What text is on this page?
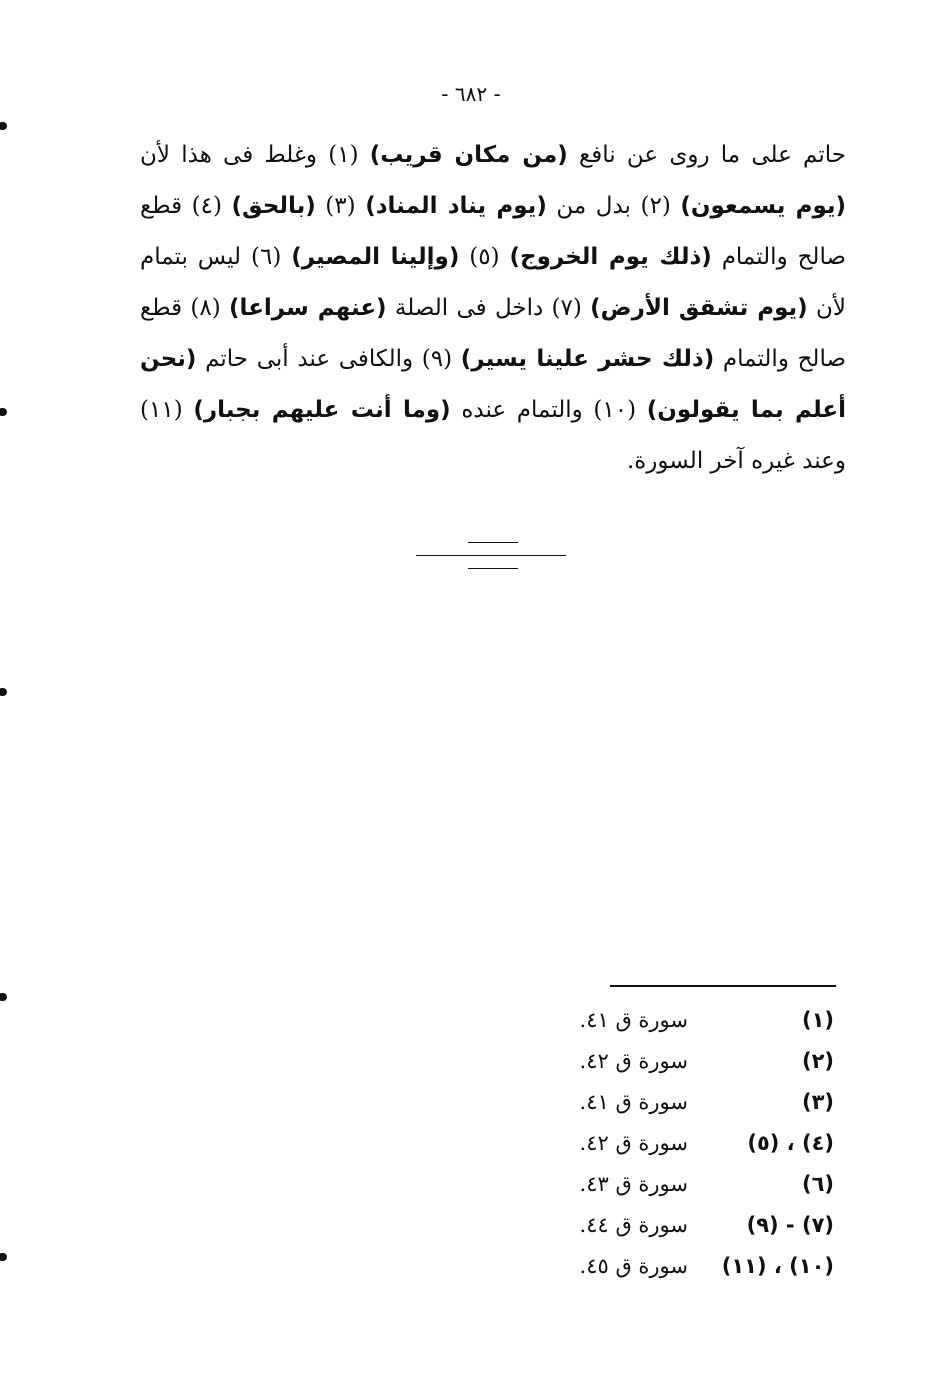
- ٦٨٢ -
حاتم على ما روى عن نافع (من مكان قريب) (١) وغلط فى هذا لأن (يوم يسمعون) (٢) بدل من (يوم يناد المناد) (٣) (بالحق) (٤) قطع صالح والتمام (ذلك يوم الخروج) (٥) (وإلينا المصير) (٦) ليس بتمام لأن (يوم تشقق الأرض) (٧) داخل فى الصلة (عنهم سراعا) (٨) قطع صالح والتمام (ذلك حشر علينا يسير) (٩) والكافى عند أبى حاتم (نحن أعلم بما يقولون) (١٠) والتمام عنده (وما أنت عليهم بجبار) (١١) وعند غيره آخر السورة.
(١)
سورة ق ٤١.
(٢)
سورة ق ٤٢.
(٣)
سورة ق ٤١.
(٤) ، (٥)
سورة ق ٤٢.
(٦)
سورة ق ٤٣.
(٧) - (٩)
سورة ق ٤٤.
(١٠) ، (١١)
سورة ق ٤٥.
